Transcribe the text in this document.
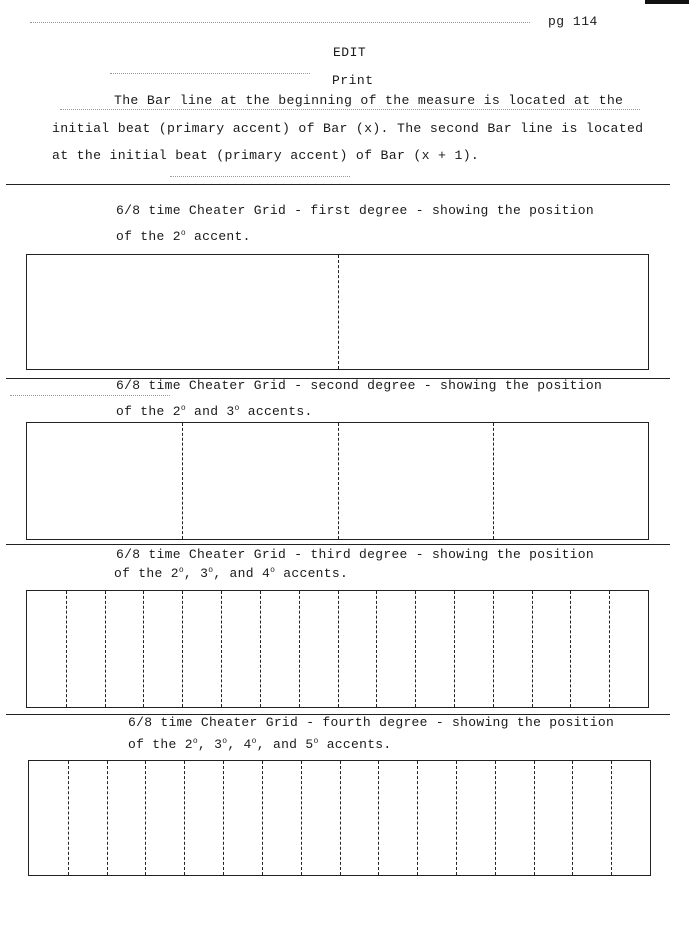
pg 114
EDIT
Print
The Bar line at the beginning of the measure is located at the
initial beat (primary accent) of Bar (x). The second Bar line is located
at the initial beat (primary accent) of Bar (x + 1).
6/8 time Cheater Grid - first degree - showing the position
of the 2$^o$ accent.
6/8 time Cheater Grid - second degree - showing the position
of the 2$^o$ and 3$^o$ accents.
6/8 time Cheater Grid - third degree - showing the position
of the 2$^o$, 3$^o$, and 4$^o$ accents.
6/8 time Cheater Grid - fourth degree - showing the position
of the 2$^o$, 3$^o$, 4$^o$, and 5$^o$ accents.
